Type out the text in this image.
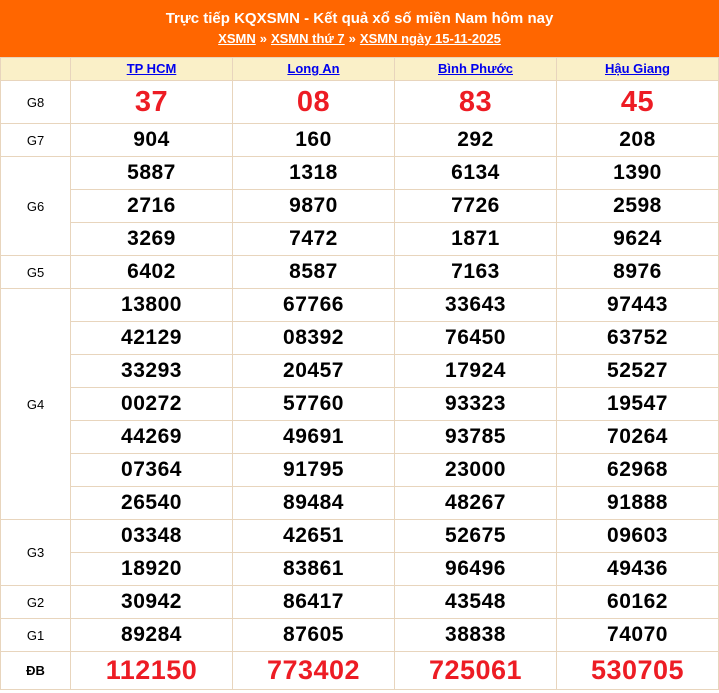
Trực tiếp KQXSMN - Kết quả xổ số miền Nam hôm nay
XSMN » XSMN thứ 7 » XSMN ngày 15-11-2025
	TP HCM	Long An	Bình Phước	Hậu Giang
G8	37	08	83	45
G7	904	160	292	208
G6	5887	1318	6134	1390
	2716	9870	7726	2598
	3269	7472	1871	9624
G5	6402	8587	7163	8976
G4	13800	67766	33643	97443
	42129	08392	76450	63752
	33293	20457	17924	52527
	00272	57760	93323	19547
	44269	49691	93785	70264
	07364	91795	23000	62968
	26540	89484	48267	91888
G3	03348	42651	52675	09603
	18920	83861	96496	49436
G2	30942	86417	43548	60162
G1	89284	87605	38838	74070
ĐB	112150	773402	725061	530705
